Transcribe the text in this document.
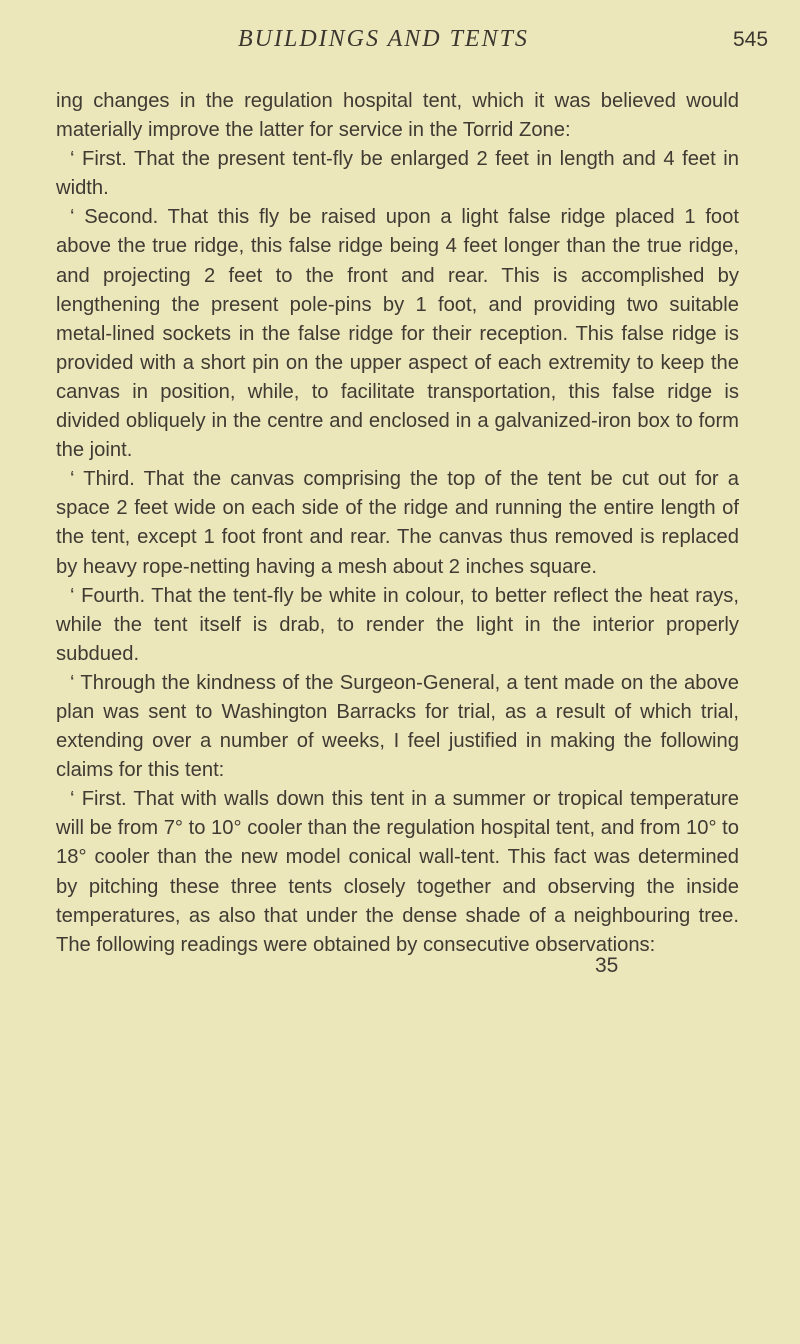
BUILDINGS AND TENTS	545

ing changes in the regulation hospital tent, which it was believed would materially improve the latter for service in the Torrid Zone:

‘ First. That the present tent-fly be enlarged 2 feet in length and 4 feet in width.

‘ Second. That this fly be raised upon a light false ridge placed 1 foot above the true ridge, this false ridge being 4 feet longer than the true ridge, and projecting 2 feet to the front and rear. This is accomplished by lengthening the present pole-pins by 1 foot, and providing two suitable metal-lined sockets in the false ridge for their reception. This false ridge is provided with a short pin on the upper aspect of each extremity to keep the canvas in position, while, to facilitate transportation, this false ridge is divided obliquely in the centre and enclosed in a galvanized-iron box to form the joint.

‘ Third. That the canvas comprising the top of the tent be cut out for a space 2 feet wide on each side of the ridge and running the entire length of the tent, except 1 foot front and rear. The canvas thus removed is replaced by heavy rope-netting having a mesh about 2 inches square.

‘ Fourth. That the tent-fly be white in colour, to better reflect the heat rays, while the tent itself is drab, to render the light in the interior properly subdued.

‘ Through the kindness of the Surgeon-General, a tent made on the above plan was sent to Washington Barracks for trial, as a result of which trial, extending over a number of weeks, I feel justified in making the following claims for this tent:

‘ First. That with walls down this tent in a summer or tropical temperature will be from 7° to 10° cooler than the regulation hospital tent, and from 10° to 18° cooler than the new model conical wall-tent. This fact was determined by pitching these three tents closely together and observing the inside temperatures, as also that under the dense shade of a neighbouring tree. The following readings were obtained by consecutive observations:

35
